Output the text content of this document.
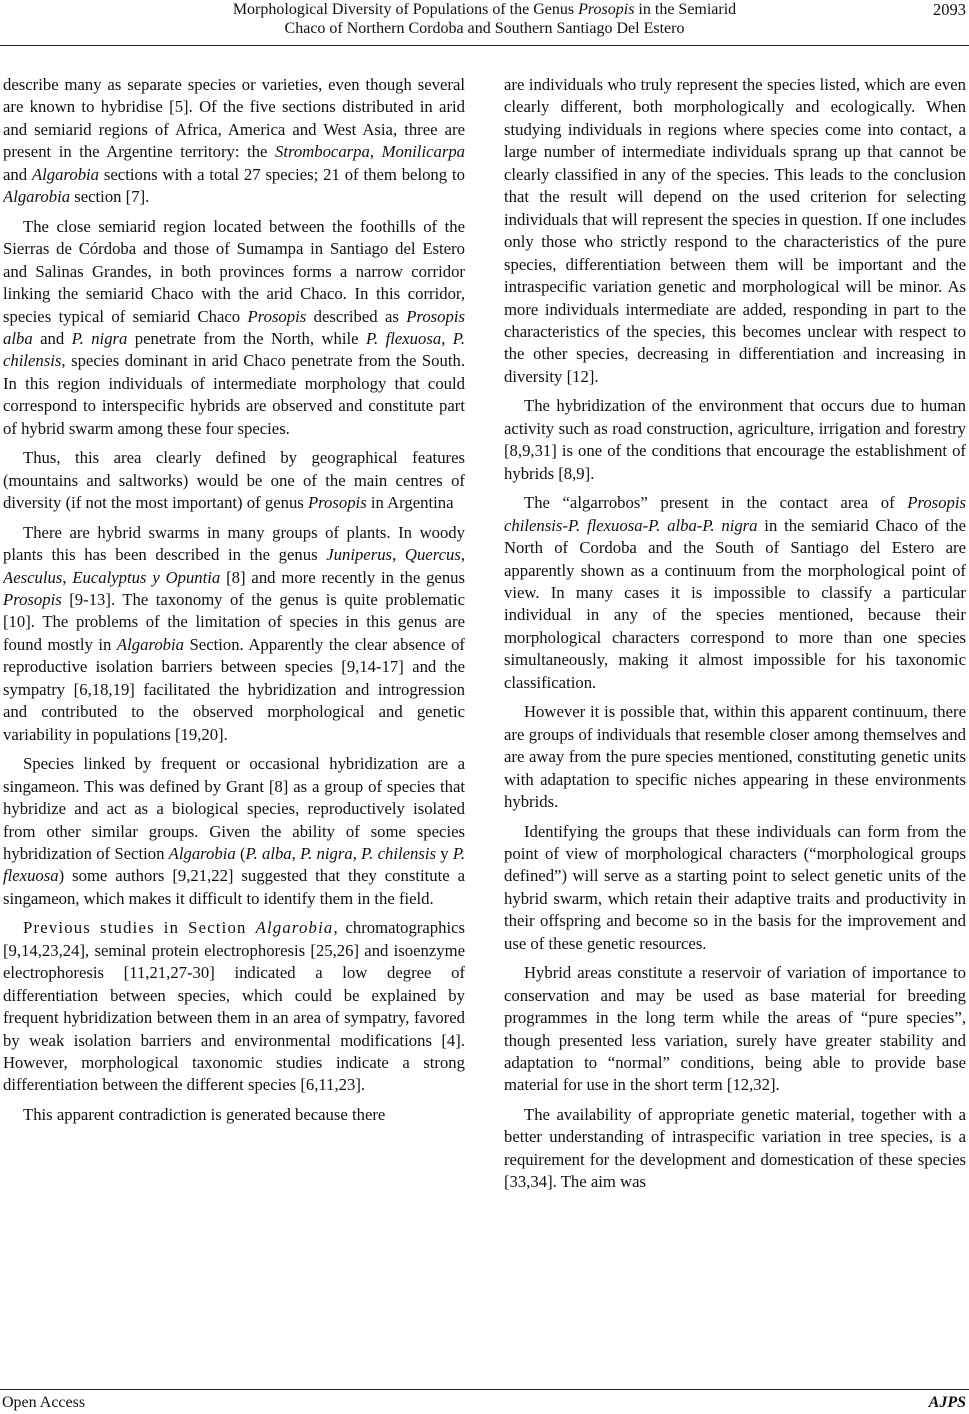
Morphological Diversity of Populations of the Genus Prosopis in the Semiarid
Chaco of Northern Cordoba and Southern Santiago Del Estero
2093

describe many as separate species or varieties, even though several are known to hybridise [5]. Of the five sections distributed in arid and semiarid regions of Africa, America and West Asia, three are present in the Argentine territory: the Strombocarpa, Monilicarpa and Algarobia sections with a total 27 species; 21 of them belong to Algarobia section [7].

The close semiarid region located between the foothills of the Sierras de Córdoba and those of Sumampa in Santiago del Estero and Salinas Grandes, in both provinces forms a narrow corridor linking the semiarid Chaco with the arid Chaco. In this corridor, species typical of semiarid Chaco Prosopis described as Prosopis alba and P. nigra penetrate from the North, while P. flexuosa, P. chilensis, species dominant in arid Chaco penetrate from the South. In this region individuals of intermediate morphology that could correspond to interspecific hybrids are observed and constitute part of hybrid swarm among these four species.

Thus, this area clearly defined by geographical features (mountains and saltworks) would be one of the main centres of diversity (if not the most important) of genus Prosopis in Argentina

There are hybrid swarms in many groups of plants. In woody plants this has been described in the genus Juniperus, Quercus, Aesculus, Eucalyptus y Opuntia [8] and more recently in the genus Prosopis [9-13]. The taxonomy of the genus is quite problematic [10]. The problems of the limitation of species in this genus are found mostly in Algarobia Section. Apparently the clear absence of reproductive isolation barriers between species [9,14-17] and the sympatry [6,18,19] facilitated the hybridization and introgression and contributed to the observed morphological and genetic variability in populations [19,20].

Species linked by frequent or occasional hybridization are a singameon. This was defined by Grant [8] as a group of species that hybridize and act as a biological species, reproductively isolated from other similar groups. Given the ability of some species hybridization of Section Algarobia (P. alba, P. nigra, P. chilensis y P. flexuosa) some authors [9,21,22] suggested that they constitute a singameon, which makes it difficult to identify them in the field.

Previous studies in Section Algarobia, chromatographics [9,14,23,24], seminal protein electrophoresis [25,26] and isoenzyme electrophoresis [11,21,27-30] indicated a low degree of differentiation between species, which could be explained by frequent hybridization between them in an area of sympatry, favored by weak isolation barriers and environmental modifications [4]. However, morphological taxonomic studies indicate a strong differentiation between the different species [6,11,23].

This apparent contradiction is generated because there

are individuals who truly represent the species listed, which are even clearly different, both morphologically and ecologically. When studying individuals in regions where species come into contact, a large number of intermediate individuals sprang up that cannot be clearly classified in any of the species. This leads to the conclusion that the result will depend on the used criterion for selecting individuals that will represent the species in question. If one includes only those who strictly respond to the characteristics of the pure species, differentiation between them will be important and the intraspecific variation genetic and morphological will be minor. As more individuals intermediate are added, responding in part to the characteristics of the species, this becomes unclear with respect to the other species, decreasing in differentiation and increasing in diversity [12].

The hybridization of the environment that occurs due to human activity such as road construction, agriculture, irrigation and forestry [8,9,31] is one of the conditions that encourage the establishment of hybrids [8,9].

The “algarrobos” present in the contact area of Prosopis chilensis-P. flexuosa-P. alba-P. nigra in the semiarid Chaco of the North of Cordoba and the South of Santiago del Estero are apparently shown as a continuum from the morphological point of view. In many cases it is impossible to classify a particular individual in any of the species mentioned, because their morphological characters correspond to more than one species simultaneously, making it almost impossible for his taxonomic classification.

However it is possible that, within this apparent continuum, there are groups of individuals that resemble closer among themselves and are away from the pure species mentioned, constituting genetic units with adaptation to specific niches appearing in these environments hybrids.

Identifying the groups that these individuals can form from the point of view of morphological characters (“morphological groups defined”) will serve as a starting point to select genetic units of the hybrid swarm, which retain their adaptive traits and productivity in their offspring and become so in the basis for the improvement and use of these genetic resources.

Hybrid areas constitute a reservoir of variation of importance to conservation and may be used as base material for breeding programmes in the long term while the areas of “pure species”, though presented less variation, surely have greater stability and adaptation to “normal” conditions, being able to provide base material for use in the short term [12,32].

The availability of appropriate genetic material, together with a better understanding of intraspecific variation in tree species, is a requirement for the development and domestication of these species [33,34]. The aim was

Open Access	AJPS
